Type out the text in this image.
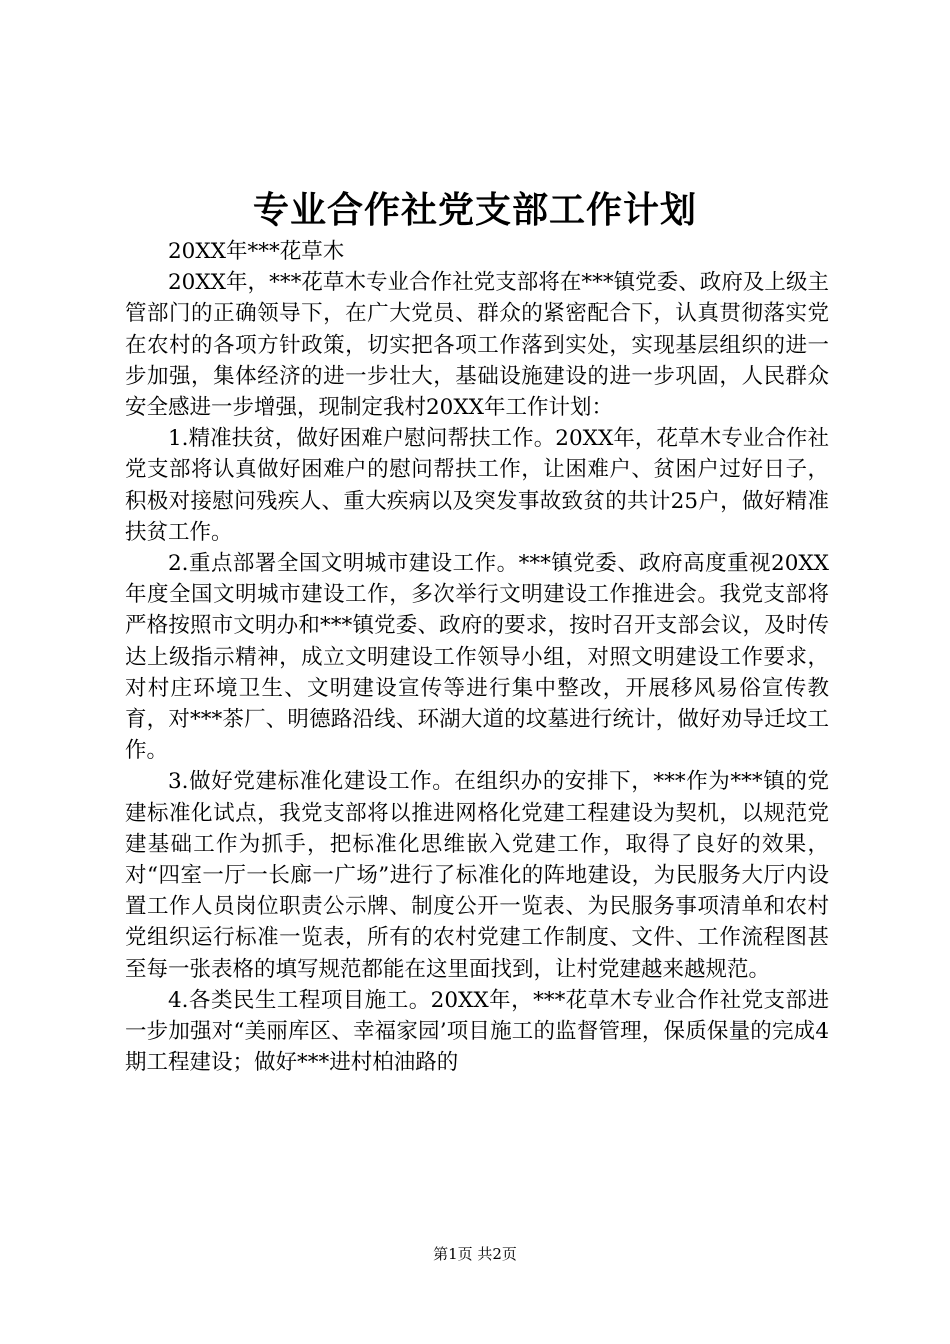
专业合作社党支部工作计划

20XX年***花草木

20XX年，***花草木专业合作社党支部将在***镇党委、政府及上级主管部门的正确领导下，在广大党员、群众的紧密配合下，认真贯彻落实党在农村的各项方针政策，切实把各项工作落到实处，实现基层组织的进一步加强，集体经济的进一步壮大，基础设施建设的进一步巩固，人民群众安全感进一步增强，现制定我村20XX年工作计划：

1.精准扶贫，做好困难户慰问帮扶工作。20XX年，花草木专业合作社党支部将认真做好困难户的慰问帮扶工作，让困难户、贫困户过好日子，积极对接慰问残疾人、重大疾病以及突发事故致贫的共计25户，做好精准扶贫工作。

2.重点部署全国文明城市建设工作。***镇党委、政府高度重视20XX年度全国文明城市建设工作，多次举行文明建设工作推进会。我党支部将严格按照市文明办和***镇党委、政府的要求，按时召开支部会议，及时传达上级指示精神，成立文明建设工作领导小组，对照文明建设工作要求，对村庄环境卫生、文明建设宣传等进行集中整改，开展移风易俗宣传教育，对***茶厂、明德路沿线、环湖大道的坟墓进行统计，做好劝导迁坟工作。

3.做好党建标准化建设工作。在组织办的安排下，***作为***镇的党建标准化试点，我党支部将以推进网格化党建工程建设为契机，以规范党建基础工作为抓手，把标准化思维嵌入党建工作，取得了良好的效果，对“四室一厅一长廊一广场”进行了标准化的阵地建设，为民服务大厅内设置工作人员岗位职责公示牌、制度公开一览表、为民服务事项清单和农村党组织运行标准一览表，所有的农村党建工作制度、文件、工作流程图甚至每一张表格的填写规范都能在这里面找到，让村党建越来越规范。

4.各类民生工程项目施工。20XX年，***花草木专业合作社党支部进一步加强对“美丽库区、幸福家园’项目施工的监督管理，保质保量的完成4期工程建设；做好***进村柏油路的

第1页 共2页
